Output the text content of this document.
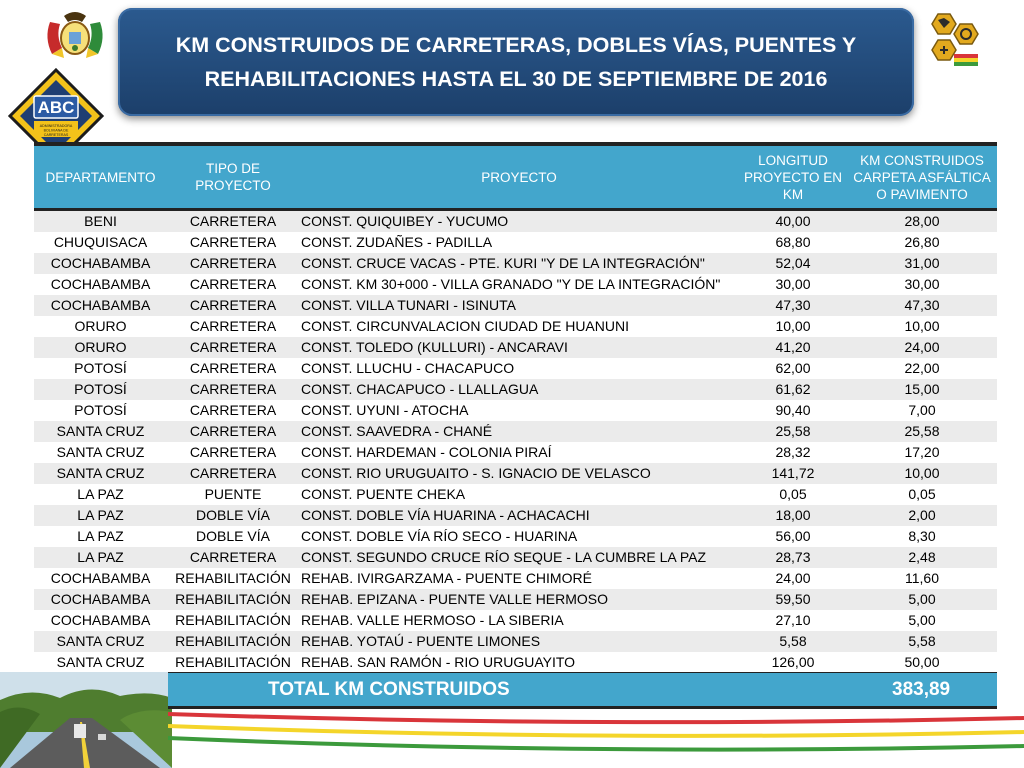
ABC
ADMINISTRADORA
BOLIVIANA DE
CARRETERAS
KM CONSTRUIDOS DE CARRETERAS, DOBLES VÍAS, PUENTES Y
REHABILITACIONES HASTA EL 30 DE SEPTIEMBRE DE 2016
DEPARTAMENTO	TIPO DE PROYECTO	PROYECTO	LONGITUD PROYECTO EN KM	KM CONSTRUIDOS CARPETA ASFÁLTICA O PAVIMENTO
BENI	CARRETERA	CONST. QUIQUIBEY - YUCUMO	40,00	28,00
CHUQUISACA	CARRETERA	CONST. ZUDAÑES - PADILLA	68,80	26,80
COCHABAMBA	CARRETERA	CONST. CRUCE VACAS - PTE. KURI "Y DE LA INTEGRACIÓN"	52,04	31,00
COCHABAMBA	CARRETERA	CONST. KM 30+000 - VILLA GRANADO "Y DE LA INTEGRACIÓN"	30,00	30,00
COCHABAMBA	CARRETERA	CONST. VILLA TUNARI - ISINUTA	47,30	47,30
ORURO	CARRETERA	CONST. CIRCUNVALACION CIUDAD DE HUANUNI	10,00	10,00
ORURO	CARRETERA	CONST. TOLEDO (KULLURI) - ANCARAVI	41,20	24,00
POTOSÍ	CARRETERA	CONST. LLUCHU - CHACAPUCO	62,00	22,00
POTOSÍ	CARRETERA	CONST. CHACAPUCO - LLALLAGUA	61,62	15,00
POTOSÍ	CARRETERA	CONST. UYUNI - ATOCHA	90,40	7,00
SANTA CRUZ	CARRETERA	CONST. SAAVEDRA - CHANÉ	25,58	25,58
SANTA CRUZ	CARRETERA	CONST. HARDEMAN - COLONIA PIRAÍ	28,32	17,20
SANTA CRUZ	CARRETERA	CONST. RIO URUGUAITO - S. IGNACIO DE VELASCO	141,72	10,00
LA PAZ	PUENTE	CONST. PUENTE CHEKA	0,05	0,05
LA PAZ	DOBLE VÍA	CONST. DOBLE VÍA HUARINA - ACHACACHI	18,00	2,00
LA PAZ	DOBLE VÍA	CONST. DOBLE VÍA RÍO SECO - HUARINA	56,00	8,30
LA PAZ	CARRETERA	CONST. SEGUNDO CRUCE RÍO SEQUE - LA CUMBRE LA PAZ	28,73	2,48
COCHABAMBA	REHABILITACIÓN	REHAB. IVIRGARZAMA - PUENTE CHIMORÉ	24,00	11,60
COCHABAMBA	REHABILITACIÓN	REHAB. EPIZANA - PUENTE VALLE HERMOSO	59,50	5,00
COCHABAMBA	REHABILITACIÓN	REHAB. VALLE HERMOSO - LA SIBERIA	27,10	5,00
SANTA CRUZ	REHABILITACIÓN	REHAB. YOTAÚ - PUENTE LIMONES	5,58	5,58
SANTA CRUZ	REHABILITACIÓN	REHAB. SAN RAMÓN - RIO URUGUAYITO	126,00	50,00
TOTAL KM CONSTRUIDOS	383,89
